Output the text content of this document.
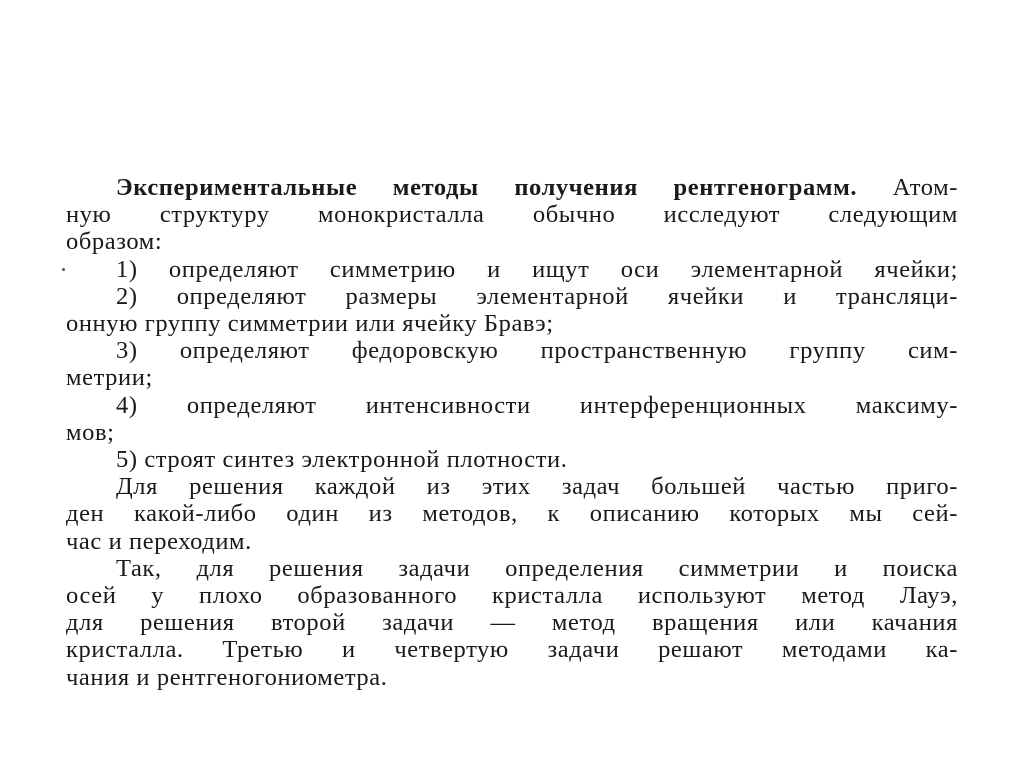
Экспериментальные методы получения рентгенограмм. Атом-
ную структуру монокристалла обычно исследуют следующим
образом:
1) определяют симметрию и ищут оси элементарной ячейки;
2) определяют размеры элементарной ячейки и трансляци-
онную группу симметрии или ячейку Бравэ;
3) определяют федоровскую пространственную группу сим-
метрии;
4) определяют интенсивности интерференционных максиму-
мов;
5) строят синтез электронной плотности.
Для решения каждой из этих задач большей частью приго-
ден какой-либо один из методов, к описанию которых мы сей-
час и переходим.
Так, для решения задачи определения симметрии и поиска
осей у плохо образованного кристалла используют метод Лауэ,
для решения второй задачи — метод вращения или качания
кристалла. Третью и четвертую задачи решают методами ка-
чания и рентгеногониометра.
